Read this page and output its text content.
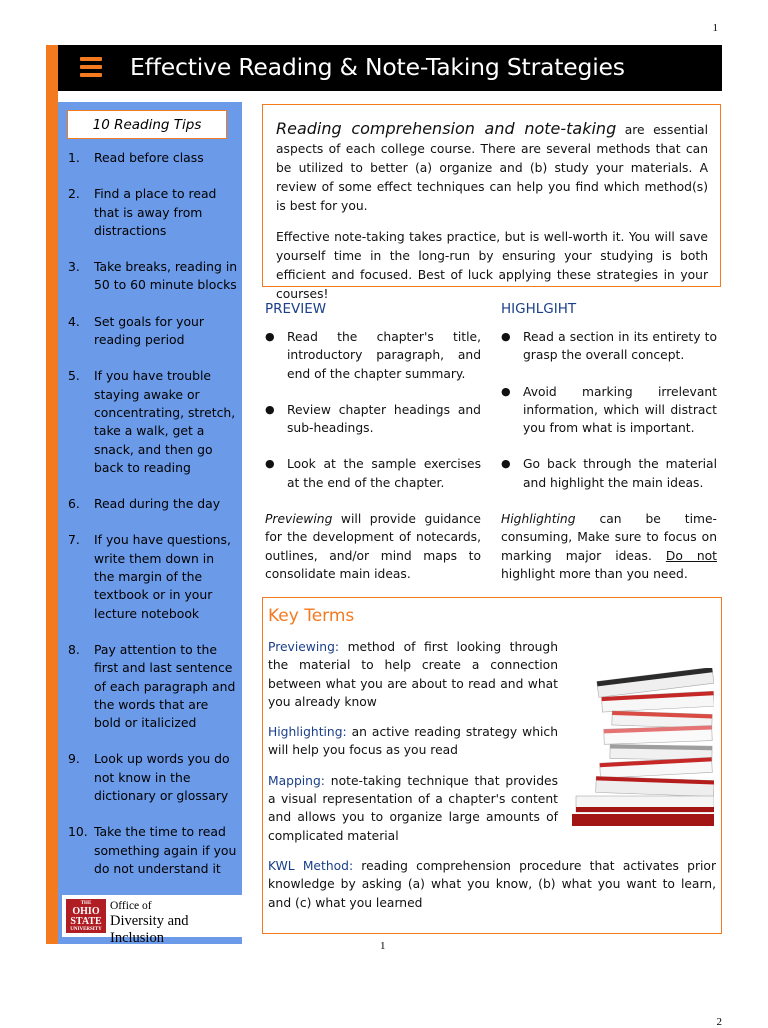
1
Effective Reading & Note-Taking Strategies
10 Reading Tips
1. Read before class
2. Find a place to read that is away from distractions
3. Take breaks, reading in 50 to 60 minute blocks
4. Set goals for your reading period
5. If you have trouble staying awake or concentrating, stretch, take a walk, get a snack, and then go back to reading
6. Read during the day
7. If you have questions, write them down in the margin of the textbook or in your lecture notebook
8. Pay attention to the first and last sentence of each paragraph and the words that are bold or italicized
9. Look up words you do not know in the dictionary or glossary
10. Take the time to read something again if you do not understand it
THE
OHIO STATE
UNIVERSITY
Office of
Diversity and Inclusion

Reading comprehension and note-taking are essential aspects of each college course. There are several methods that can be utilized to better (a) organize and (b) study your materials. A review of some effect techniques can help you find which method(s) is best for you.

Effective note-taking takes practice, but is well-worth it. You will save yourself time in the long-run by ensuring your studying is both efficient and focused. Best of luck applying these strategies in your courses!

PREVIEW
● Read the chapter's title, introductory paragraph, and end of the chapter summary.
● Review chapter headings and sub-headings.
● Look at the sample exercises at the end of the chapter.
Previewing will provide guidance for the development of notecards, outlines, and/or mind maps to consolidate main ideas.
HIGHLGIHT
● Read a section in its entirety to grasp the overall concept.
● Avoid marking irrelevant information, which will distract you from what is important.
● Go back through the material and highlight the main ideas.
Highlighting can be time-consuming, Make sure to focus on marking major ideas. Do not highlight more than you need.
Key Terms

Previewing: method of first looking through the material to help create a connection between what you are about to read and what you already know

Highlighting: an active reading strategy which will help you focus as you read

Mapping: note-taking technique that provides a visual representation of a chapter's content and allows you to organize large amounts of complicated material

KWL Method: reading comprehension procedure that activates prior knowledge by asking (a) what you know, (b) what you want to learn, and (c) what you learned

1
2
